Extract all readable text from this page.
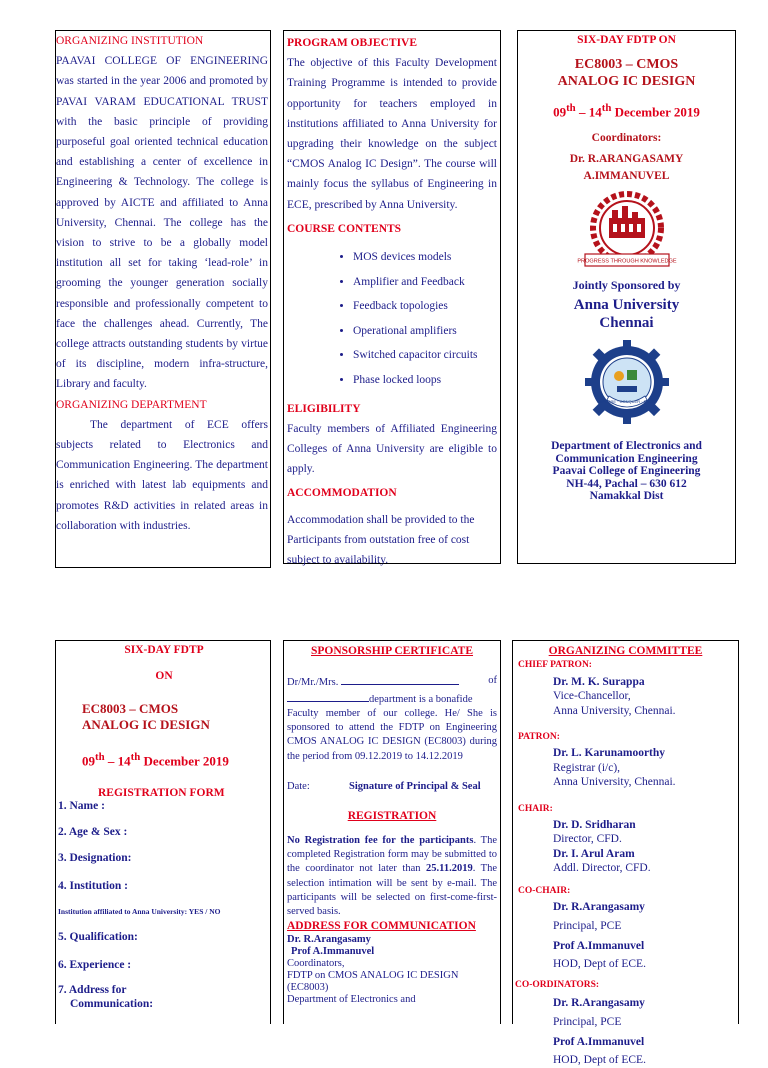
ORGANIZING INSTITUTION

PAAVAI COLLEGE OF ENGINEERING was started in the year 2006 and promoted by PAVAI VARAM EDUCATIONAL TRUST with the basic principle of providing purposeful goal oriented technical education and establishing a center of excellence in Engineering & Technology. The college is approved by AICTE and affiliated to Anna University, Chennai. The college has the vision to strive to be a globally model institution all set for taking ‘lead-role’ in grooming the younger generation socially responsible and professionally competent to face the challenges ahead. Currently, The college attracts outstanding students by virtue of its discipline, modern infra-structure, Library and faculty.

ORGANIZING DEPARTMENT

The department of ECE offers subjects related to Electronics and Communication Engineering. The department is enriched with latest lab equipments and promotes R&D activities in related areas in collaboration with industries.

PROGRAM OBJECTIVE

The objective of this Faculty Development Training Programme is intended to provide opportunity for teachers employed in institutions affiliated to Anna University for upgrading their knowledge on the subject “CMOS Analog IC Design”. The course will mainly focus the syllabus of Engineering in ECE, prescribed by Anna University.

COURSE CONTENTS

• MOS devices models
• Amplifier and Feedback
• Feedback topologies
• Operational amplifiers
• Switched capacitor circuits
• Phase locked loops

ELIGIBILITY

Faculty members of Affiliated Engineering Colleges of Anna University are eligible to apply.

ACCOMMODATION

Accommodation shall be provided to the Participants from outstation free of cost subject to availability.

SIX-DAY FDTP ON

EC8003 – CMOS ANALOG IC DESIGN

09th – 14th December 2019

Coordinators:

Dr. R.ARANGASAMY

A.IMMANUVEL

PROGRESS THROUGH KNOWLEDGE

Jointly Sponsored by

Anna University

Chennai

EXPLORE · CONQUER · EXCEL

Department of Electronics and

Communication Engineering

Paavai College of Engineering

NH-44, Pachal – 630 612

Namakkal Dist

SIX-DAY FDTP

ON

EC8003 – CMOS

ANALOG IC DESIGN

09th – 14th December 2019

REGISTRATION FORM

1. Name :
2. Age & Sex :
3. Designation:
4. Institution :
Institution affiliated to Anna University: YES / NO
5. Qualification:
6. Experience :
7. Address for
Communication:

SPONSORSHIP CERTIFICATE

Dr/Mr./Mrs.	of

department is a bonafide

Faculty member of our college. He/ She is sponsored to attend the FDTP on Engineering CMOS ANALOG IC DESIGN (EC8003) during the period from 09.12.2019 to 14.12.2019

Date:	Signature of Principal & Seal

REGISTRATION

No Registration fee for the participants. The completed Registration form may be submitted to the coordinator not later than 25.11.2019. The selection intimation will be sent by e-mail. The participants will be selected on first-come-first-served basis.

ADDRESS FOR COMMUNICATION

Dr. R.Arangasamy

Prof A.Immanuvel

Coordinators,

FDTP on CMOS ANALOG IC DESIGN

(EC8003)

Department of Electronics and

ORGANIZING COMMITTEE

CHIEF PATRON:

Dr. M. K. Surappa

Vice-Chancellor,

Anna University, Chennai.

PATRON:

Dr. L. Karunamoorthy

Registrar (i/c),

Anna University, Chennai.

CHAIR:

Dr. D. Sridharan

Director, CFD.

Dr. I. Arul Aram

Addl. Director, CFD.

CO-CHAIR:

Dr. R.Arangasamy

Principal, PCE

Prof A.Immanuvel

HOD, Dept of ECE.

CO-ORDINATORS:

Dr. R.Arangasamy

Principal, PCE

Prof A.Immanuvel

HOD, Dept of ECE.
